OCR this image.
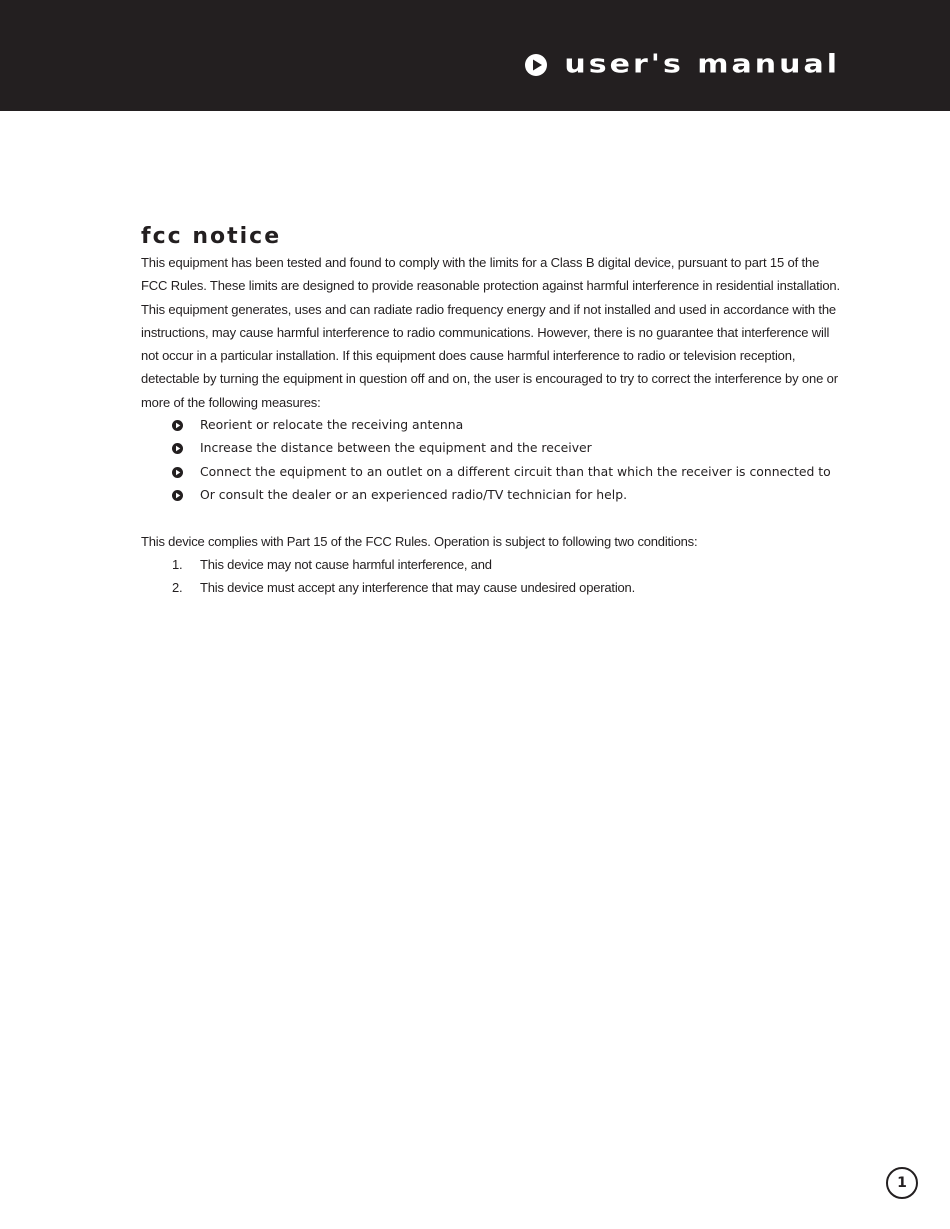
user's manual
fcc notice
This equipment has been tested and found to comply with the limits for a Class B digital device, pursuant to part 15 of the FCC Rules. These limits are designed to provide reasonable protection against harmful interference in residential installation. This equipment generates, uses and can radiate radio frequency energy and if not installed and used in accordance with the instructions, may cause harmful interference to radio communications. However, there is no guarantee that interference will not occur in a particular installation. If this equipment does cause harmful interference to radio or television reception, detectable by turning the equipment in question off and on, the user is encouraged to try to correct the interference by one or more of the following measures:
Reorient or relocate the receiving antenna
Increase the distance between the equipment and the receiver
Connect the equipment to an outlet on a different circuit than that which the receiver is connected to
Or consult the dealer or an experienced radio/TV technician for help.
This device complies with Part 15 of the FCC Rules. Operation is subject to following two conditions:
1.	This device may not cause harmful interference, and
2.	This device must accept any interference that may cause undesired operation.
1
